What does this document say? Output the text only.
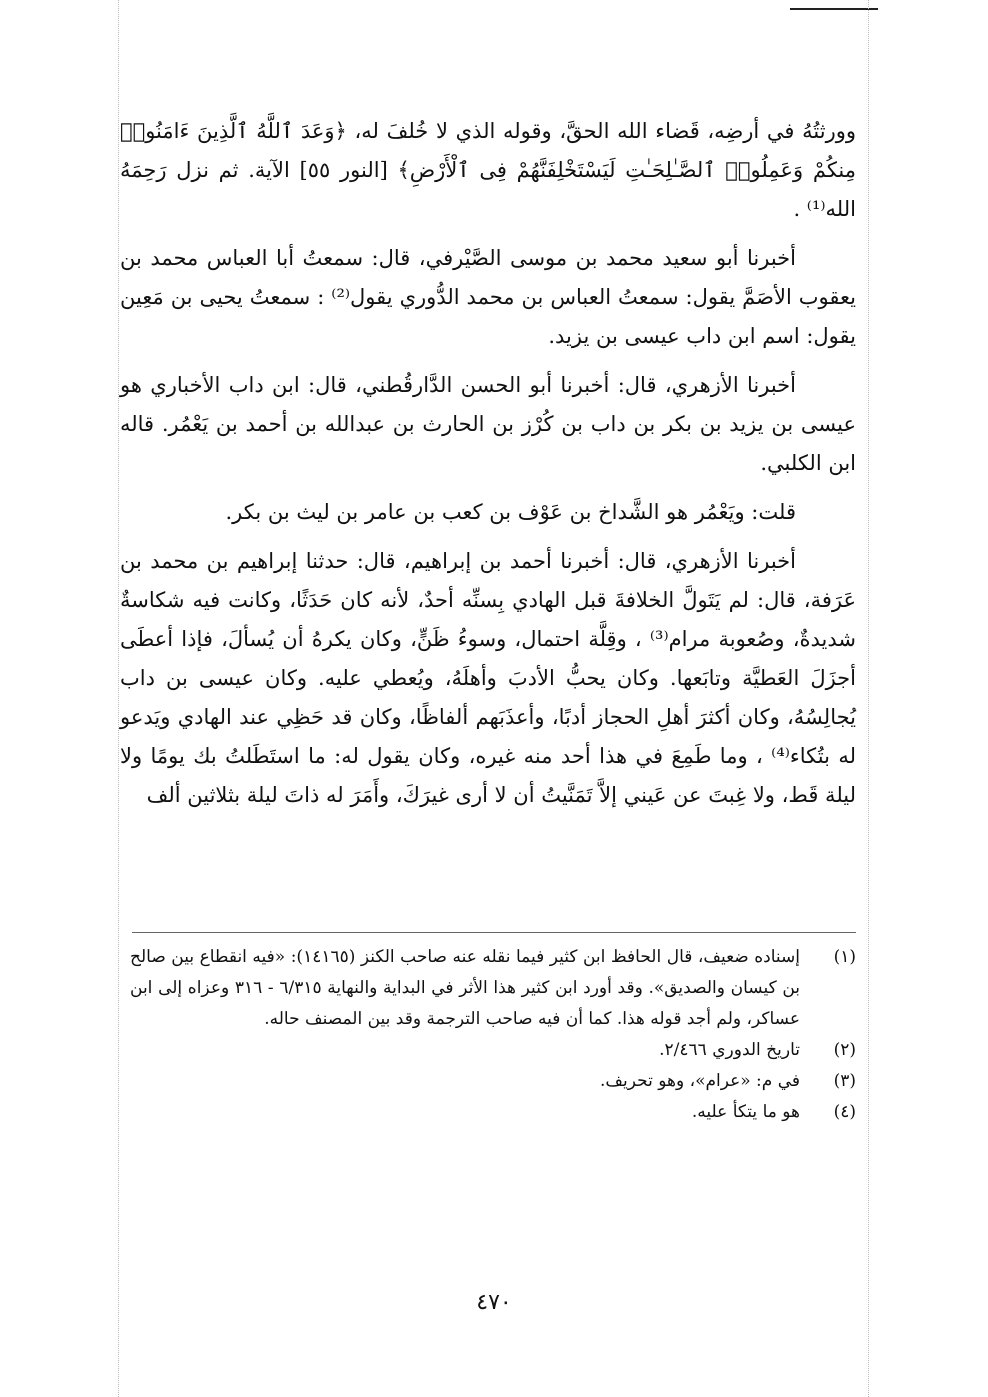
وورثتُهُ في أرضِه، قَضاء الله الحقَّ، وقوله الذي لا خُلفَ له، ﴿وَعَدَ ٱللَّهُ ٱلَّذِينَ ءَامَنُوا۟ مِنكُمْ وَعَمِلُوا۟ ٱلصَّـٰلِحَـٰتِ لَيَسْتَخْلِفَنَّهُمْ فِى ٱلْأَرْضِ﴾ [النور ٥٥] الآية. ثم نزل رَحِمَهُ الله⁽¹⁾ .

أخبرنا أبو سعيد محمد بن موسى الصَّيْرفي، قال: سمعتُ أبا العباس محمد بن يعقوب الأصَمَّ يقول: سمعتُ العباس بن محمد الدُّوري يقول⁽²⁾ : سمعتُ يحيى بن مَعِين يقول: اسم ابن داب عيسى بن يزيد.

أخبرنا الأزهري، قال: أخبرنا أبو الحسن الدَّارقُطني، قال: ابن داب الأخباري هو عيسى بن يزيد بن بكر بن داب بن كُرْز بن الحارث بن عبدالله بن أحمد بن يَعْمُر. قاله ابن الكلبي.

قلت: ويَعْمُر هو الشَّداخ بن عَوْف بن كعب بن عامر بن ليث بن بكر.

أخبرنا الأزهري، قال: أخبرنا أحمد بن إبراهيم، قال: حدثنا إبراهيم بن محمد بن عَرَفة، قال: لم يَتَولَّ الخلافةَ قبل الهادي بِسنِّه أحدٌ، لأنه كان حَدَثًا، وكانت فيه شكاسةٌ شديدةٌ، وصُعوبة مرام⁽³⁾ ، وقِلَّة احتمال، وسوءُ ظَنٍّ، وكان يكرهُ أن يُسألَ، فإذا أعطَى أجزَلَ العَطيَّة وتابَعها. وكان يحبُّ الأدبَ وأهلَهُ، ويُعطي عليه. وكان عيسى بن داب يُجالِسُهُ، وكان أكثرَ أهلِ الحجاز أدبًا، وأعذَبَهم ألفاظًا، وكان قد حَظِي عند الهادي ويَدعو له بتُكاء⁽⁴⁾ ، وما طَمِعَ في هذا أحد منه غيره، وكان يقول له: ما استَطَلتُ بك يومًا ولا ليلة قَط، ولا غِبتَ عن عَيني إلاَّ تَمَنَّيتُ أن لا أرى غيرَكَ، وأَمَرَ له ذاتَ ليلة بثلاثين ألف

(١)
إسناده ضعيف، قال الحافظ ابن كثير فيما نقله عنه صاحب الكنز (١٤١٦٥): «فيه انقطاع بين صالح بن كيسان والصديق». وقد أورد ابن كثير هذا الأثر في البداية والنهاية ٦/٣١٥ - ٣١٦ وعزاه إلى ابن عساكر، ولم أجد قوله هذا. كما أن فيه صاحب الترجمة وقد بين المصنف حاله.
(٢)
تاريخ الدوري ٢/٤٦٦.
(٣)
في م: «عرام»، وهو تحريف.
(٤)
هو ما يتكأ عليه.
٤٧٠
